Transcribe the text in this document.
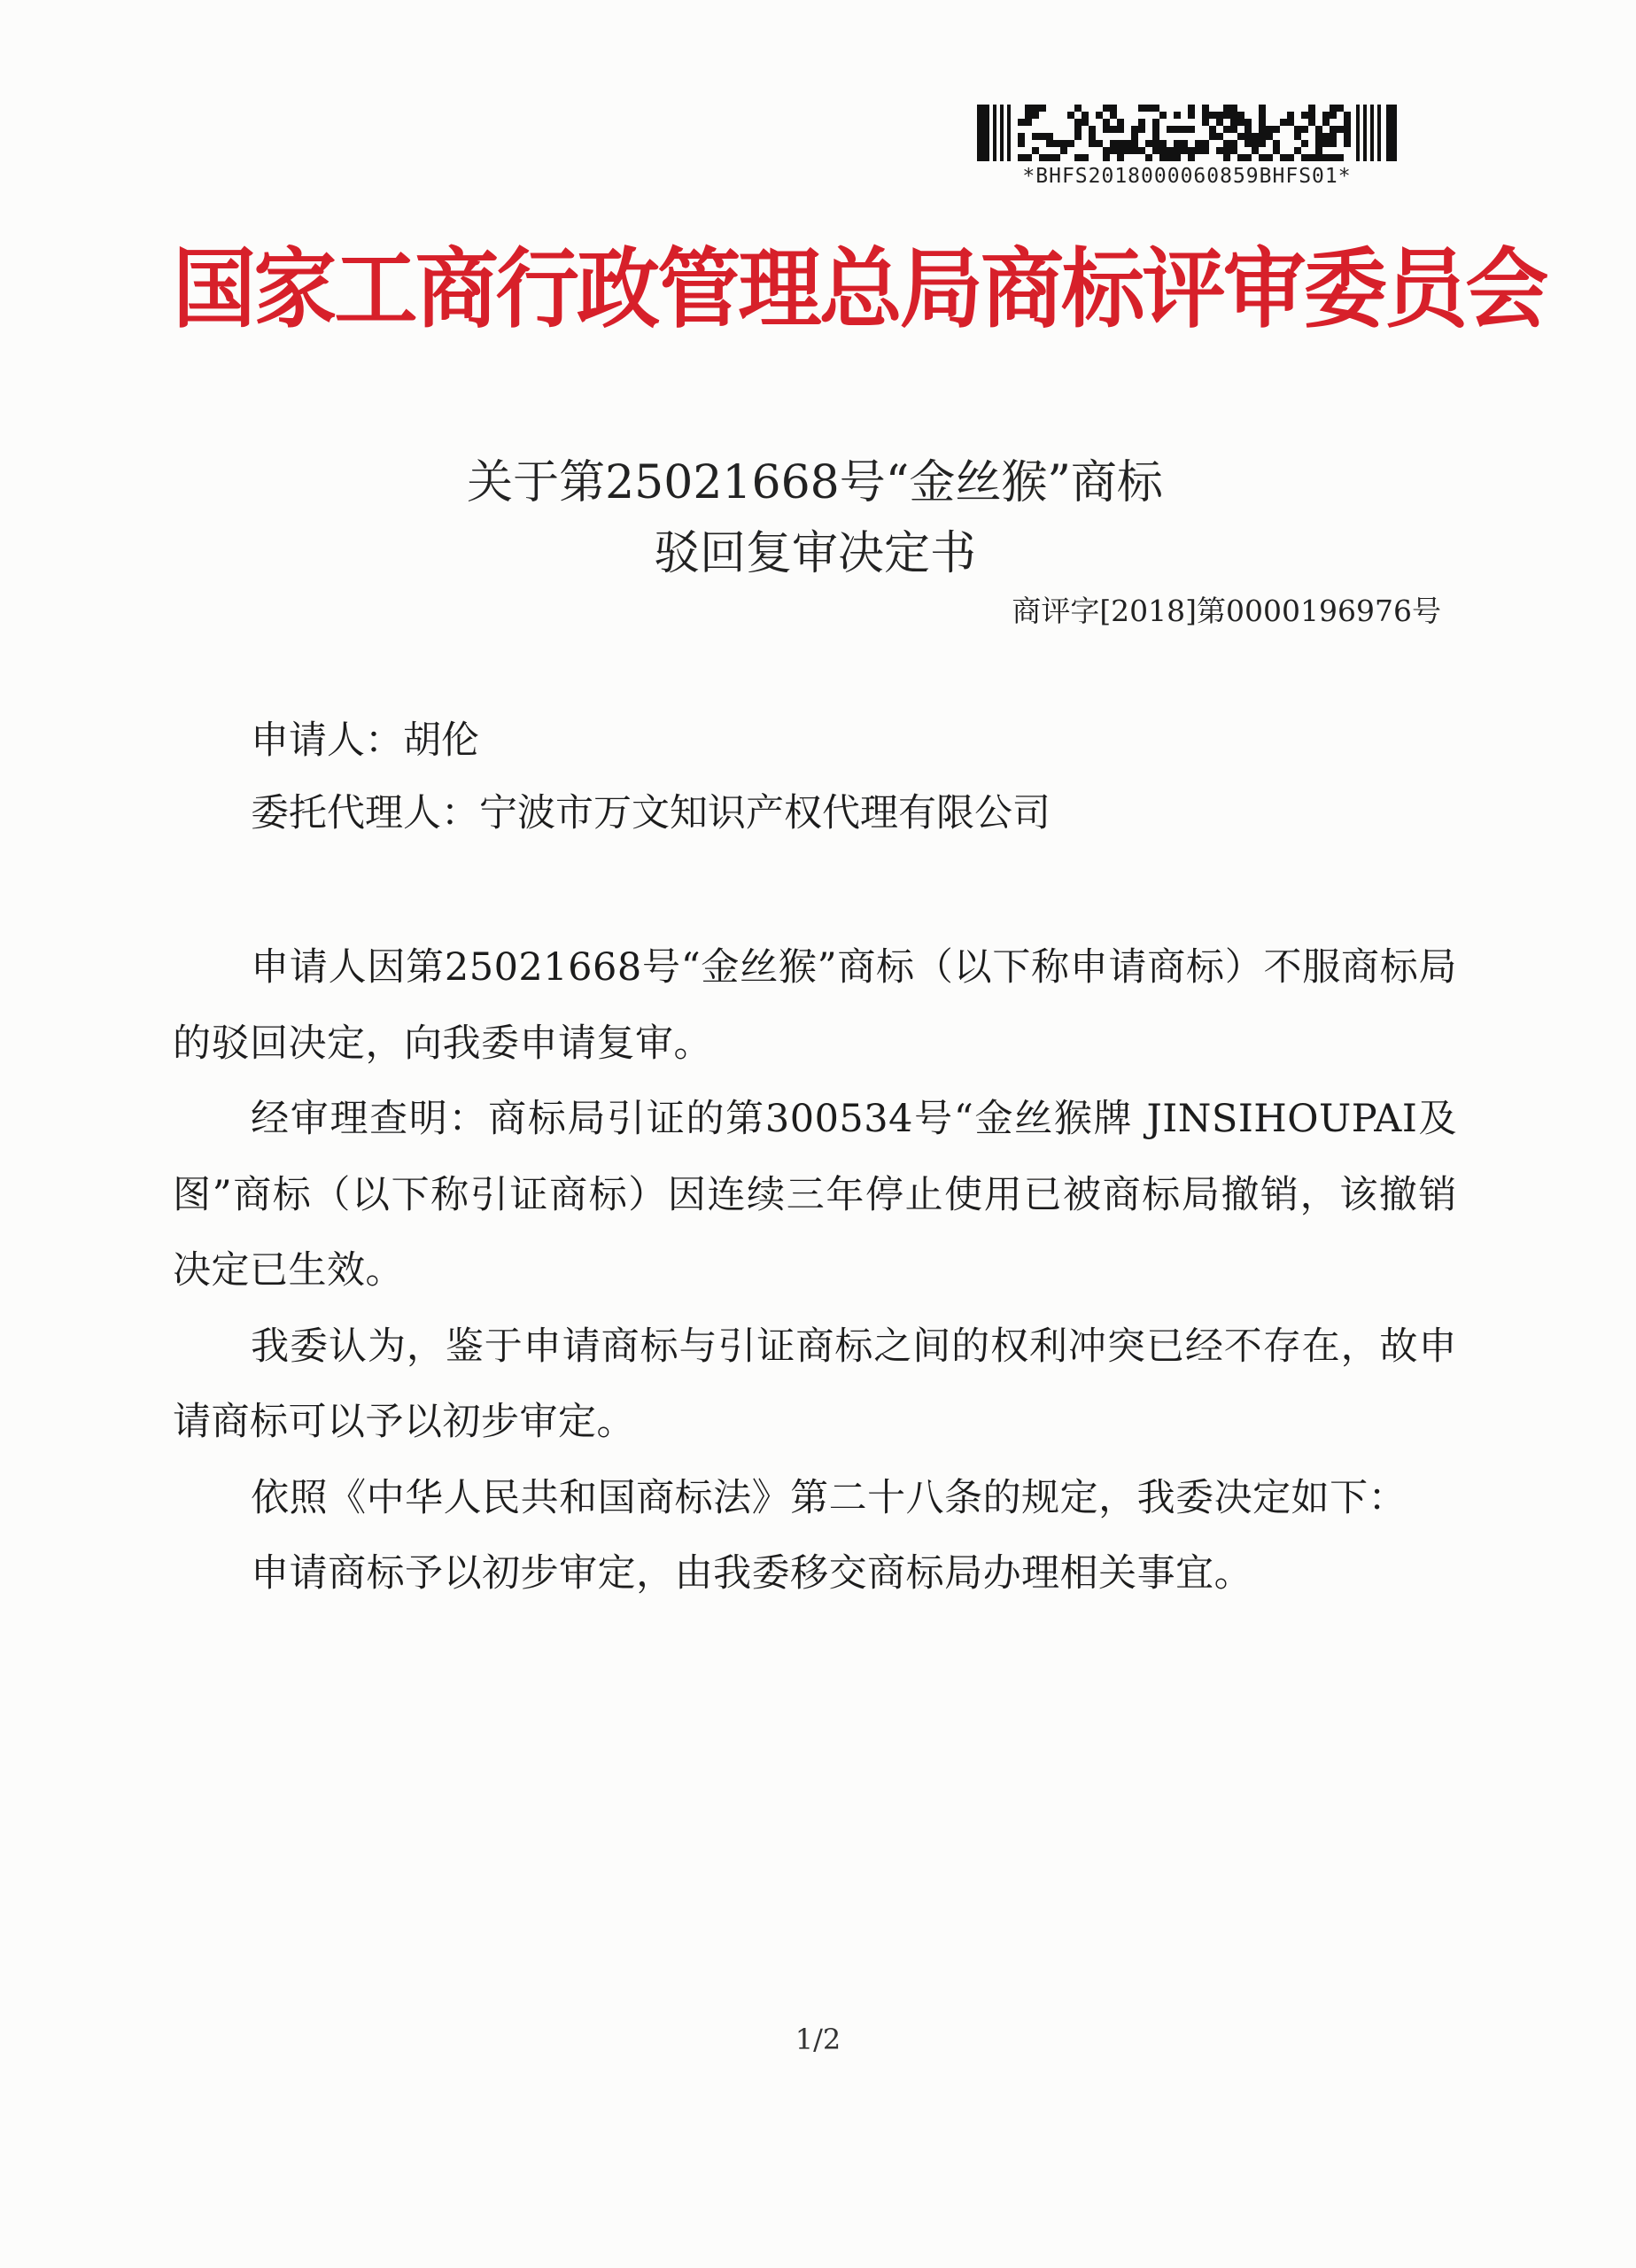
*BHFS2018000060859BHFS01*
国家工商行政管理总局商标评审委员会
关于第25021668号“金丝猴”商标
驳回复审决定书
商评字[2018]第0000196976号
申请人：胡伦
委托代理人：宁波市万文知识产权代理有限公司

申请人因第25021668号“金丝猴”商标（以下称申请商标）不服商标局的驳回决定，向我委申请复审。

经审理查明：商标局引证的第300534号“金丝猴牌 JINSIHOUPAI及图”商标（以下称引证商标）因连续三年停止使用已被商标局撤销，该撤销决定已生效。

我委认为，鉴于申请商标与引证商标之间的权利冲突已经不存在，故申请商标可以予以初步审定。

依照《中华人民共和国商标法》第二十八条的规定，我委决定如下：

申请商标予以初步审定，由我委移交商标局办理相关事宜。

1/2
